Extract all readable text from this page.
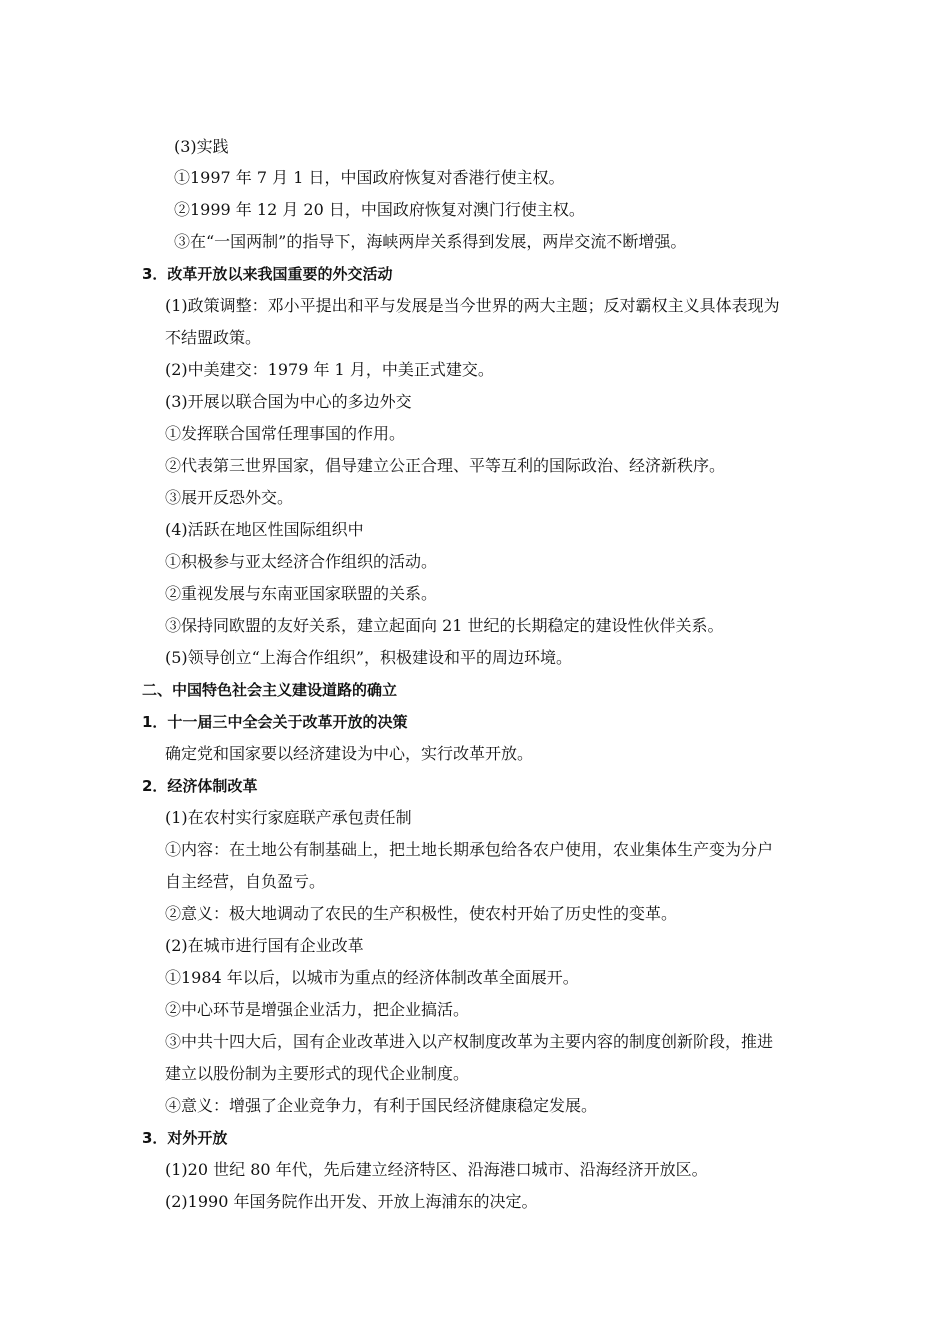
(3)实践
①1997 年 7 月 1 日，中国政府恢复对香港行使主权。
②1999 年 12 月 20 日，中国政府恢复对澳门行使主权。
③在“一国两制”的指导下，海峡两岸关系得到发展，两岸交流不断增强。
3．改革开放以来我国重要的外交活动
(1)政策调整：邓小平提出和平与发展是当今世界的两大主题；反对霸权主义具体表现为
不结盟政策。
(2)中美建交：1979 年 1 月，中美正式建交。
(3)开展以联合国为中心的多边外交
①发挥联合国常任理事国的作用。
②代表第三世界国家，倡导建立公正合理、平等互利的国际政治、经济新秩序。
③展开反恐外交。
(4)活跃在地区性国际组织中
①积极参与亚太经济合作组织的活动。
②重视发展与东南亚国家联盟的关系。
③保持同欧盟的友好关系，建立起面向 21 世纪的长期稳定的建设性伙伴关系。
(5)领导创立“上海合作组织”，积极建设和平的周边环境。
二、中国特色社会主义建设道路的确立
1．十一届三中全会关于改革开放的决策
确定党和国家要以经济建设为中心，实行改革开放。
2．经济体制改革
(1)在农村实行家庭联产承包责任制
①内容：在土地公有制基础上，把土地长期承包给各农户使用，农业集体生产变为分户
自主经营，自负盈亏。
②意义：极大地调动了农民的生产积极性，使农村开始了历史性的变革。
(2)在城市进行国有企业改革
①1984 年以后，以城市为重点的经济体制改革全面展开。
②中心环节是增强企业活力，把企业搞活。
③中共十四大后，国有企业改革进入以产权制度改革为主要内容的制度创新阶段，推进
建立以股份制为主要形式的现代企业制度。
④意义：增强了企业竞争力，有利于国民经济健康稳定发展。
3．对外开放
(1)20 世纪 80 年代，先后建立经济特区、沿海港口城市、沿海经济开放区。
(2)1990 年国务院作出开发、开放上海浦东的决定。
